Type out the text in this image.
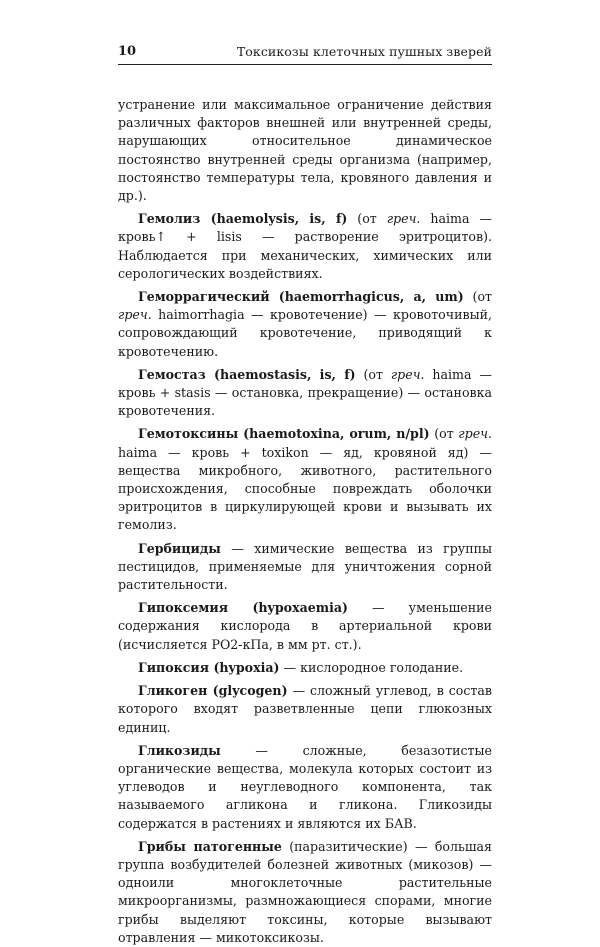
10	Токсикозы клеточных пушных зверей

устранение или максимальное ограничение действия различных факторов внешней или внутренней среды, нарушающих относительное динамическое постоянство внутренней среды организма (например, постоянство температуры тела, кровяного давления и др.).

Гемолиз (haemolysis, is, f) (от греч. haima — кровь↑ + lisis — растворение эритроцитов). Наблюдается при механических, химических или серологических воздействиях.

Геморрагический (haemorrhagicus, a, um) (от греч. haimorrhagia — кровотечение) — кровоточивый, сопровождающий кровотечение, приводящий к кровотечению.

Гемостаз (haemostasis, is, f) (от греч. haima — кровь + stasis — остановка, прекращение) — остановка кровотечения.

Гемотоксины (haemotoxina, orum, n/pl) (от греч. haima — кровь + toxikon — яд, кровяной яд) — вещества микробного, животного, растительного происхождения, способные повреждать оболочки эритроцитов в циркулирующей крови и вызывать их гемолиз.

Гербициды — химические вещества из группы пестицидов, применяемые для уничтожения сорной растительности.

Гипоксемия (hypoxaemia) — уменьшение содержания кислорода в артериальной крови (исчисляется PO2-кПа, в мм рт. ст.).

Гипоксия (hypoxia) — кислородное голодание.

Гликоген (glycogen) — сложный углевод, в состав которого входят разветвленные цепи глюкозных единиц.

Гликозиды — сложные, безазотистые органические вещества, молекула которых состоит из углеводов и неуглеводного компонента, так называемого агликона и гликона. Гликозиды содержатся в растениях и являются их БАВ.

Грибы патогенные (паразитические) — большая группа возбудителей болезней животных (микозов) — одноили многоклеточные растительные микроорганизмы, размножающиеся спорами, многие грибы выделяют токсины, которые вызывают отравления — микотоксикозы.
